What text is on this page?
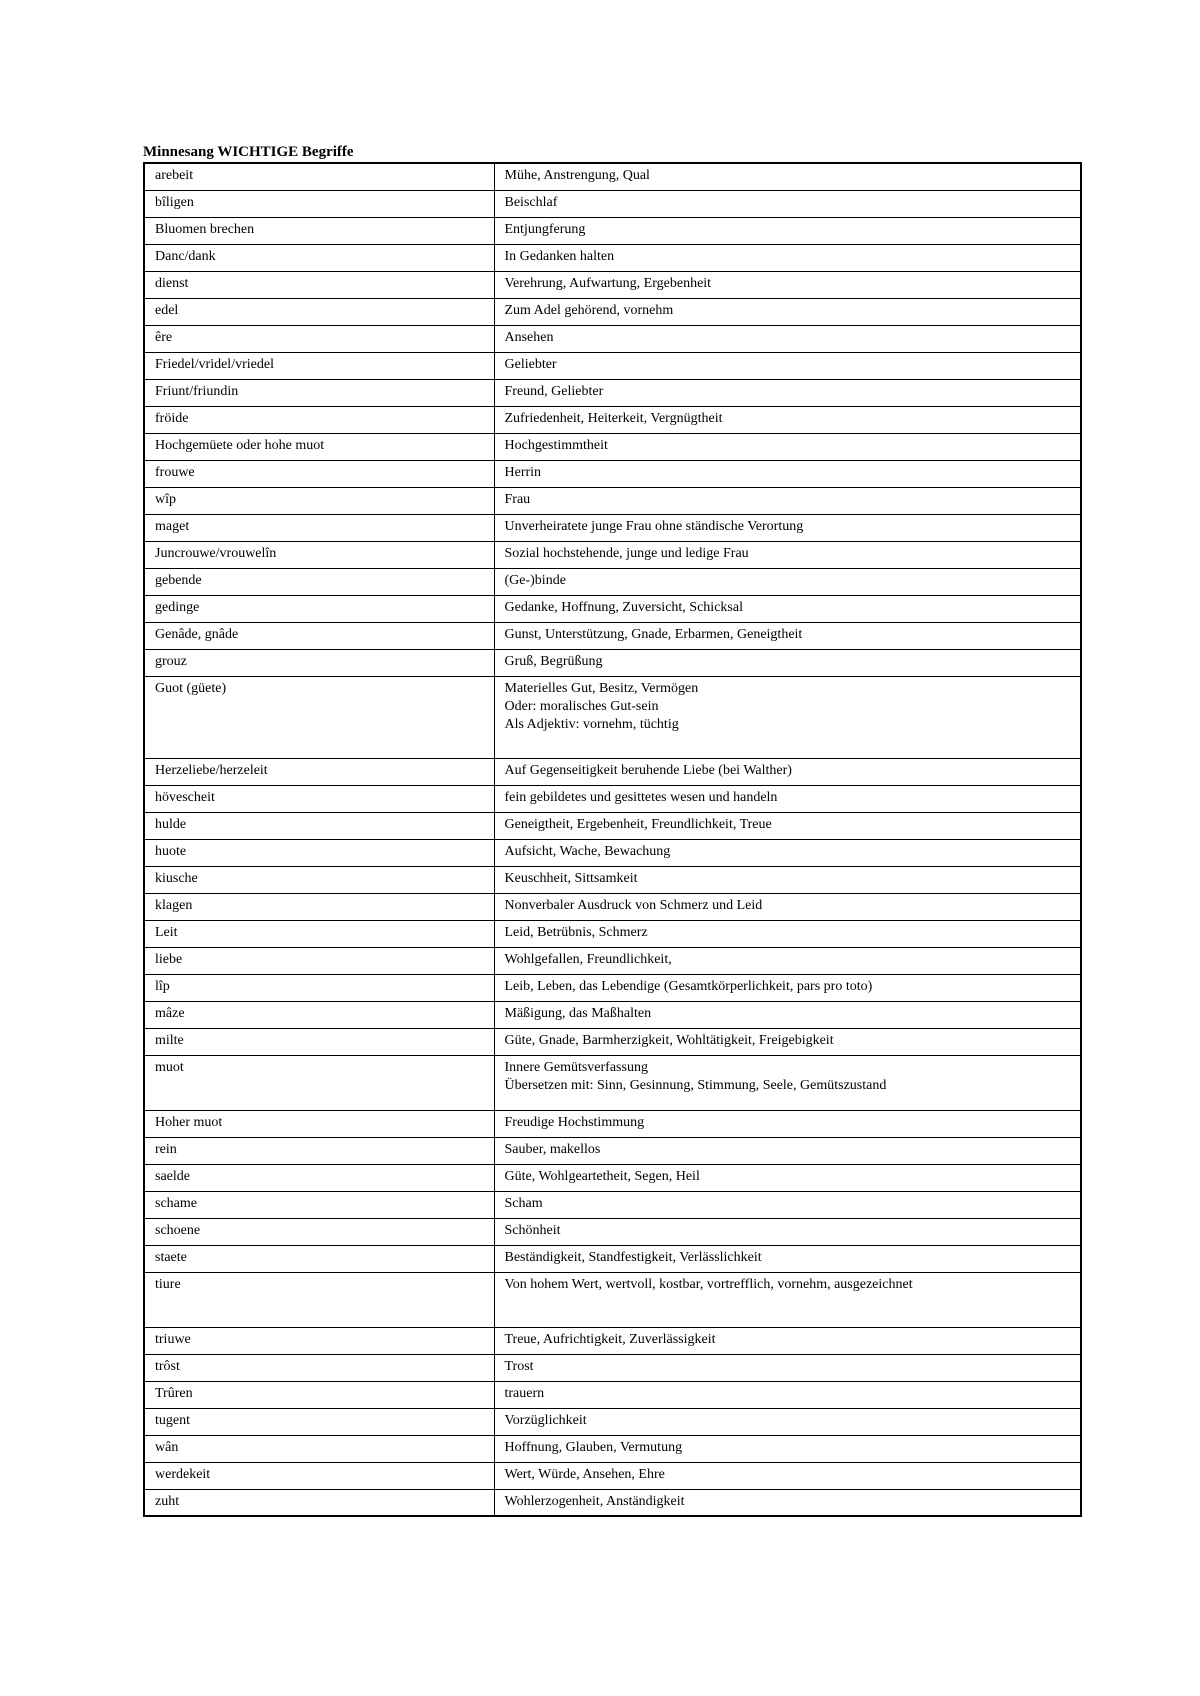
Minnesang WICHTIGE Begriffe
arebeit	Mühe, Anstrengung, Qual

bîligen	Beischlaf

Bluomen brechen	Entjungferung

Danc/dank	In Gedanken halten

dienst	Verehrung, Aufwartung, Ergebenheit

edel	Zum Adel gehörend, vornehm

êre	Ansehen

Friedel/vridel/vriedel	Geliebter

Friunt/friundin	Freund, Geliebter

fröide	Zufriedenheit, Heiterkeit, Vergnügtheit

Hochgemüete oder hohe muot	Hochgestimmtheit

frouwe	Herrin

wîp	Frau

maget	Unverheiratete junge Frau ohne ständische Verortung

Juncrouwe/vrouwelîn	Sozial hochstehende, junge und ledige Frau

gebende	(Ge-)binde

gedinge	Gedanke, Hoffnung, Zuversicht, Schicksal

Genâde, gnâde	Gunst, Unterstützung, Gnade, Erbarmen, Geneigtheit

grouz	Gruß, Begrüßung

Guot (güete)	Materielles Gut, Besitz, Vermögen
Oder: moralisches Gut-sein
Als Adjektiv: vornehm, tüchtig

Herzeliebe/herzeleit	Auf Gegenseitigkeit beruhende Liebe (bei Walther)

hövescheit	fein gebildetes und gesittetes wesen und handeln

hulde	Geneigtheit, Ergebenheit, Freundlichkeit, Treue

huote	Aufsicht, Wache, Bewachung

kiusche	Keuschheit, Sittsamkeit

klagen	Nonverbaler Ausdruck von Schmerz und Leid

Leit	Leid, Betrübnis, Schmerz

liebe	Wohlgefallen, Freundlichkeit,

lîp	Leib, Leben, das Lebendige (Gesamtkörperlichkeit, pars pro toto)

mâze	Mäßigung, das Maßhalten

milte	Güte, Gnade, Barmherzigkeit, Wohltätigkeit, Freigebigkeit

muot	Innere Gemütsverfassung
Übersetzen mit: Sinn, Gesinnung, Stimmung, Seele, Gemütszustand

Hoher muot	Freudige Hochstimmung

rein	Sauber, makellos

saelde	Güte, Wohlgeartetheit, Segen, Heil

schame	Scham

schoene	Schönheit

staete	Beständigkeit, Standfestigkeit, Verlässlichkeit

tiure	Von hohem Wert, wertvoll, kostbar, vortrefflich, vornehm, ausgezeichnet

triuwe	Treue, Aufrichtigkeit, Zuverlässigkeit

trôst	Trost

Trûren	trauern

tugent	Vorzüglichkeit

wân	Hoffnung, Glauben, Vermutung

werdekeit	Wert, Würde, Ansehen, Ehre

zuht	Wohlerzogenheit, Anständigkeit
